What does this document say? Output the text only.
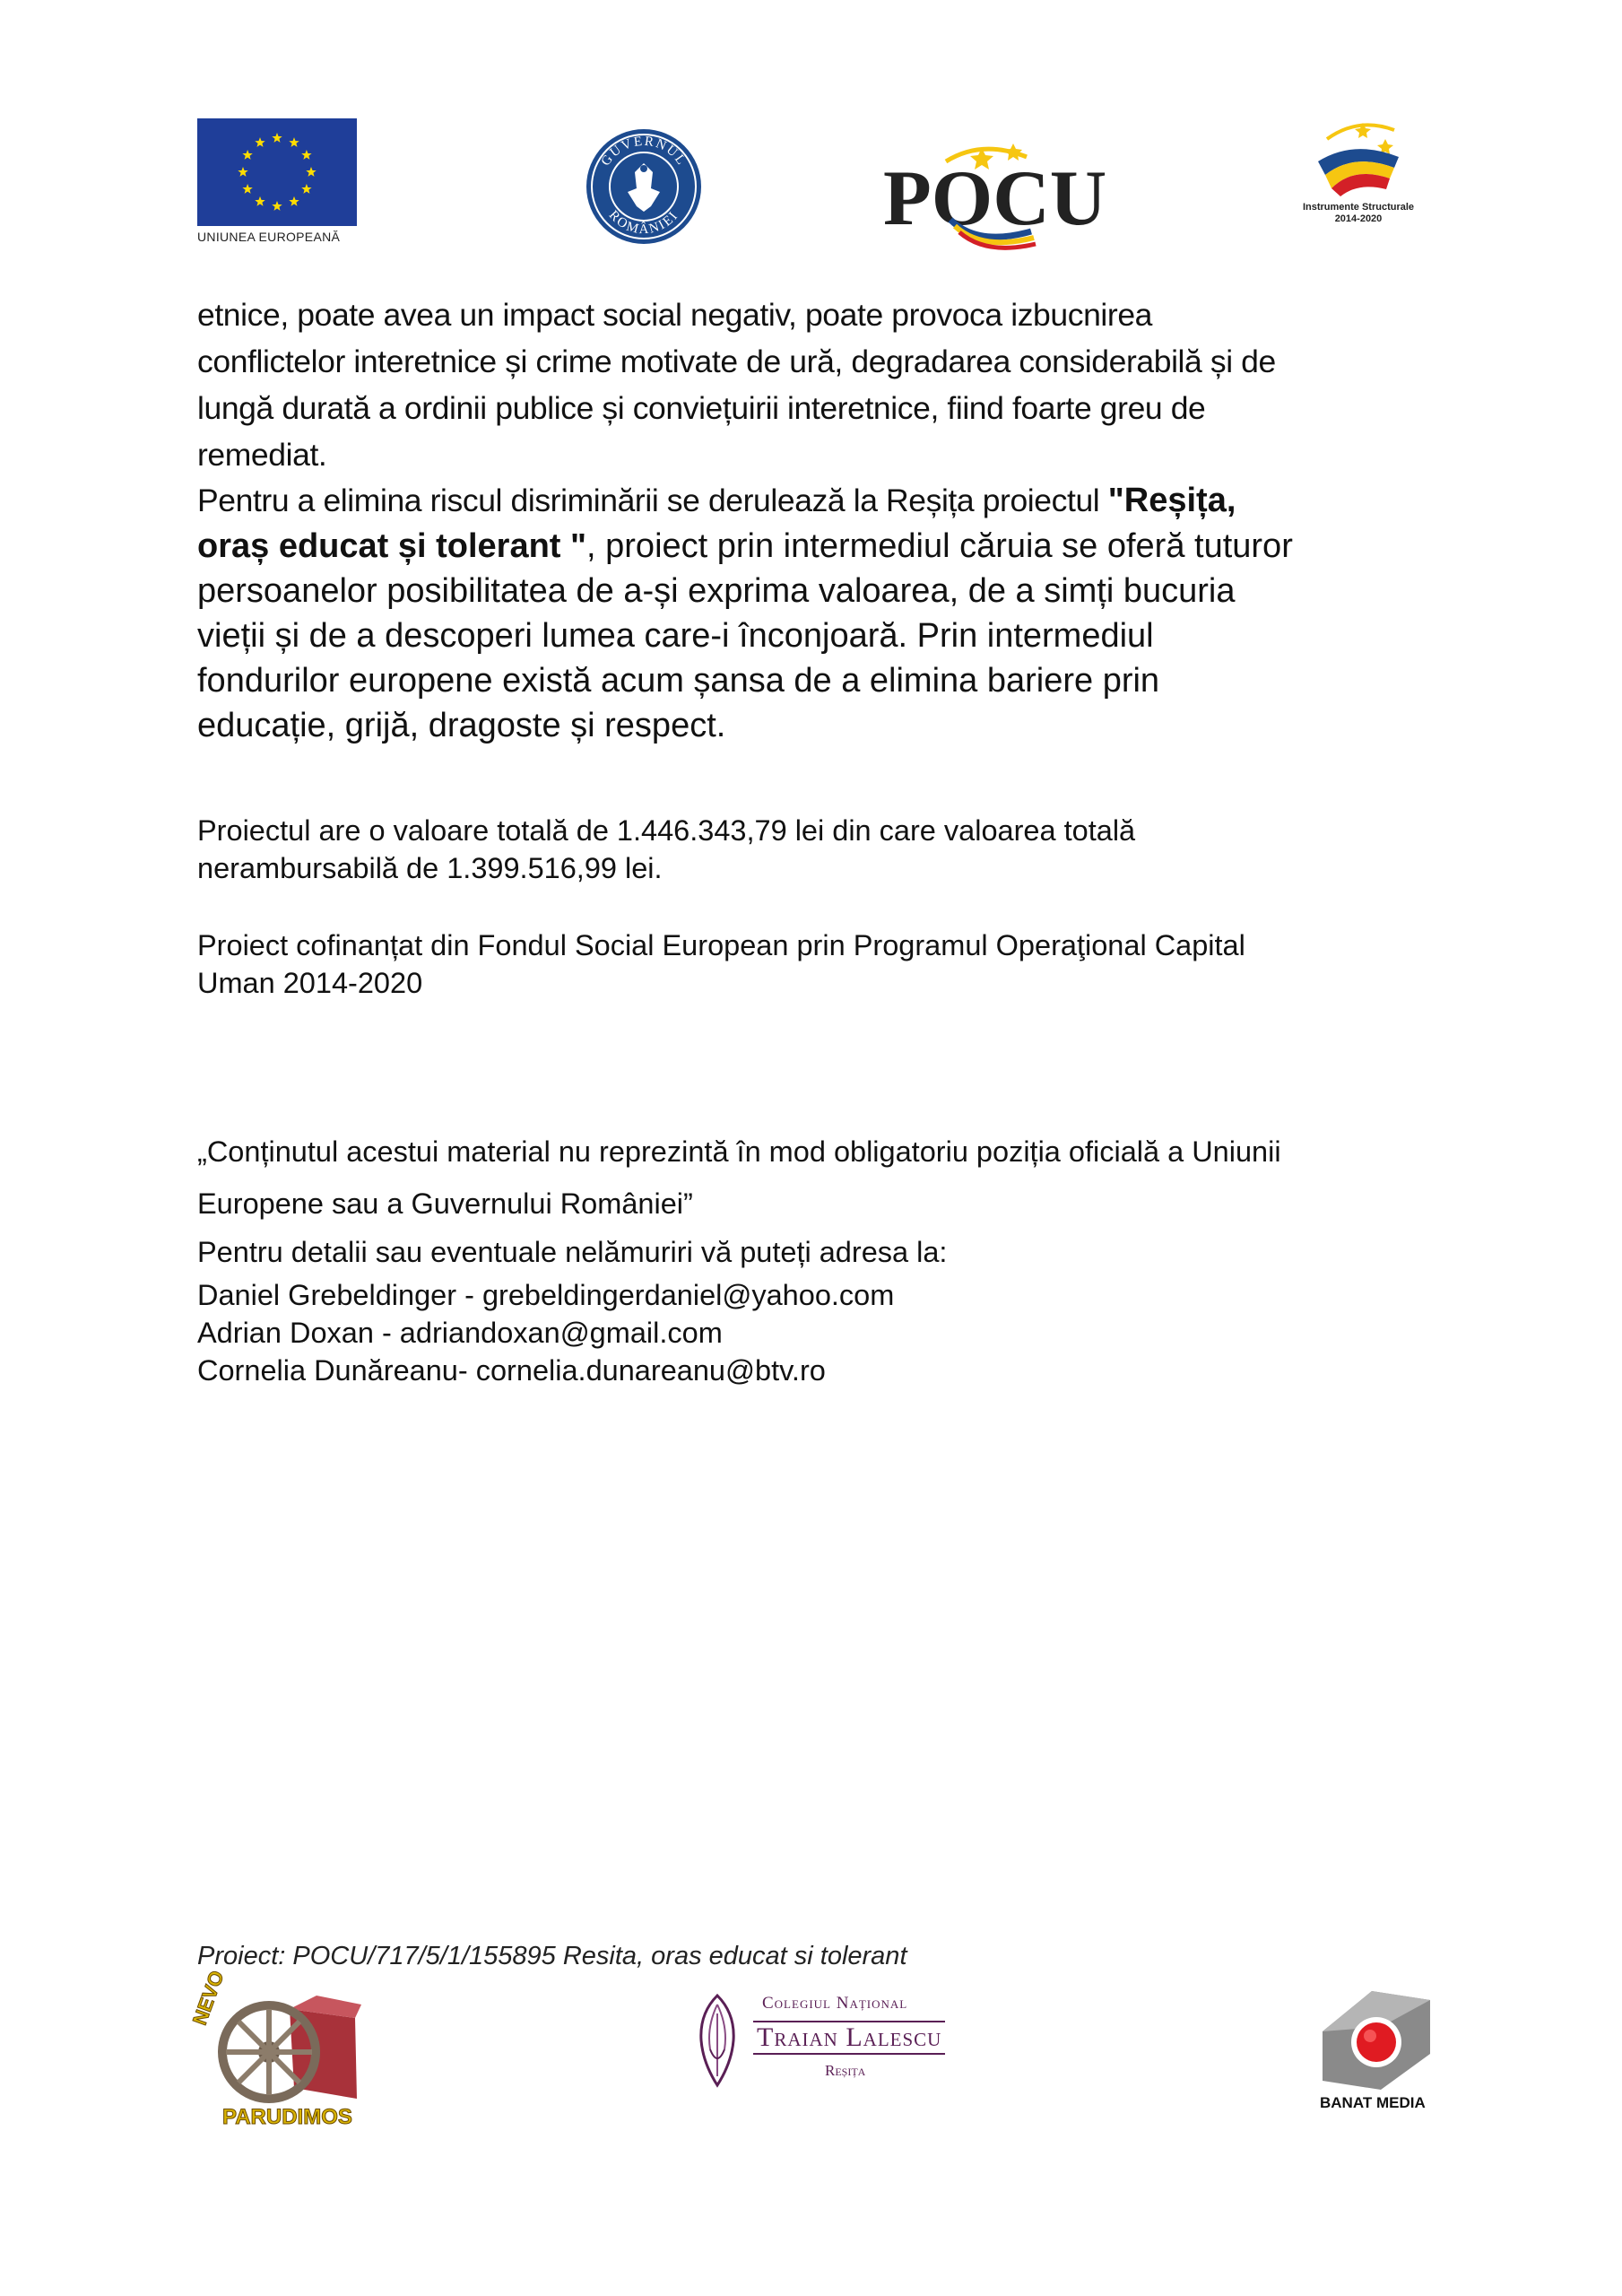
UNIUNEA EUROPEANĂ
GUVERNUL
ROMÂNIEI	POCU	Instrumente Structurale
2014-2020
etnice, poate avea un impact social negativ, poate provoca izbucnirea
conflictelor interetnice și crime motivate de ură, degradarea considerabilă și de
lungă durată a ordinii publice și conviețuirii interetnice, fiind foarte greu de
remediat.
Pentru a elimina riscul disriminării se derulează la Reșița proiectul "Reșița,
oraș educat și tolerant ", proiect prin intermediul căruia se oferă tuturor
persoanelor posibilitatea de a-și exprima valoarea, de a simți bucuria
vieții și de a descoperi lumea care-i înconjoară. Prin intermediul
fondurilor europene există acum șansa de a elimina bariere prin
educație, grijă, dragoste și respect.
Proiectul are o valoare totală de 1.446.343,79 lei din care valoarea totală
nerambursabilă de 1.399.516,99 lei.
Proiect cofinanțat din Fondul Social European prin Programul Operaţional Capital
Uman 2014-2020
„Conținutul acestui material nu reprezintă în mod obligatoriu poziția oficială a Uniunii
Europene sau a Guvernului României”
Pentru detalii sau eventuale nelămuriri vă puteți adresa la:
Daniel Grebeldinger - grebeldingerdaniel@yahoo.com
Adrian Doxan - adriandoxan@gmail.com
Cornelia Dunăreanu- cornelia.dunareanu@btv.ro
Proiect: POCU/717/5/1/155895 Resita, oras educat si tolerant
NEVO
PARUDIMOS
Colegiul Național
Traian Lalescu
Reșița
BANAT MEDIA
